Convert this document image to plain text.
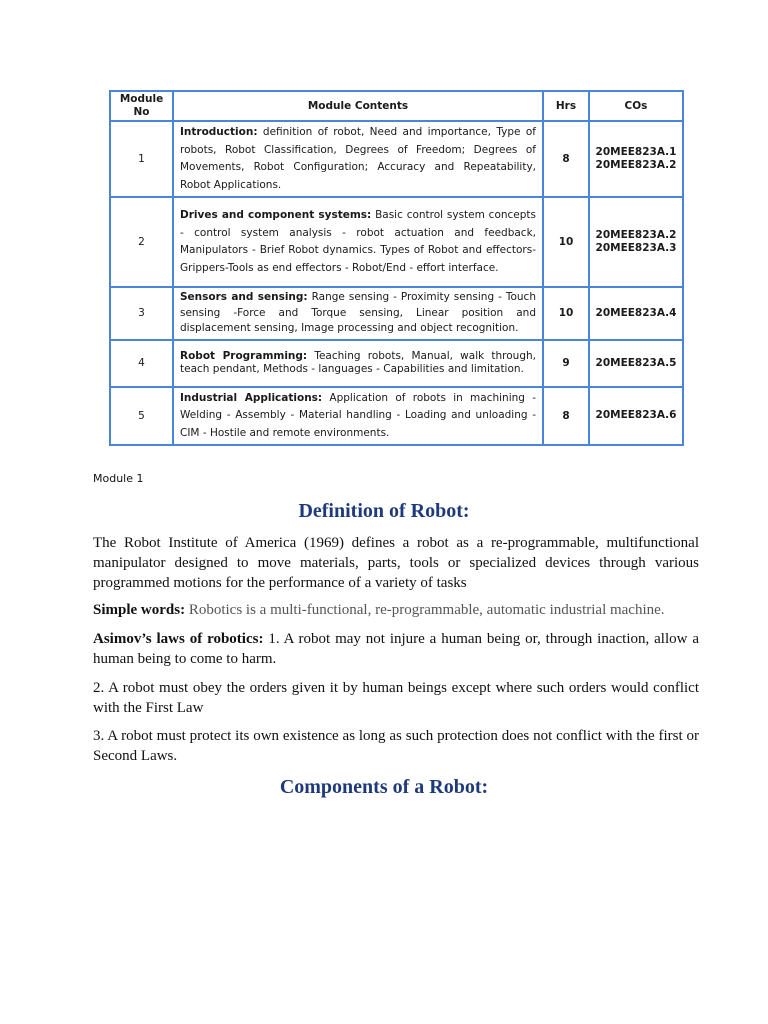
Module No	Module Contents	Hrs	COs
1	Introduction: definition of robot, Need and importance, Type of robots, Robot Classification, Degrees of Freedom; Degrees of Movements, Robot Configuration; Accuracy and Repeatability, Robot Applications.	8	20MEE823A.1
20MEE823A.2

2	Drives and component systems: Basic control system concepts - control system analysis - robot actuation and feedback, Manipulators - Brief Robot dynamics. Types of Robot and effectors-Grippers-Tools as end effectors - Robot/End - effort interface.	10	20MEE823A.2
20MEE823A.3

3	Sensors and sensing: Range sensing - Proximity sensing - Touch sensing -Force and Torque sensing, Linear position and displacement sensing, Image processing and object recognition.	10	20MEE823A.4

4	Robot Programming: Teaching robots, Manual, walk through, teach pendant, Methods - languages - Capabilities and limitation.	9	20MEE823A.5

5	Industrial Applications: Application of robots in machining - Welding - Assembly - Material handling - Loading and unloading - CIM - Hostile and remote environments.	8	20MEE823A.6
Module 1
Definition of Robot:

The Robot Institute of America (1969) defines a robot as a re-programmable, multifunctional manipulator designed to move materials, parts, tools or specialized devices through various programmed motions for the performance of a variety of tasks

Simple words: Robotics is a multi-functional, re-programmable, automatic industrial machine.

Asimov’s laws of robotics: 1. A robot may not injure a human being or, through inaction, allow a human being to come to harm.

2. A robot must obey the orders given it by human beings except where such orders would conflict with the First Law

3. A robot must protect its own existence as long as such protection does not conflict with the first or Second Laws.

Components of a Robot:
